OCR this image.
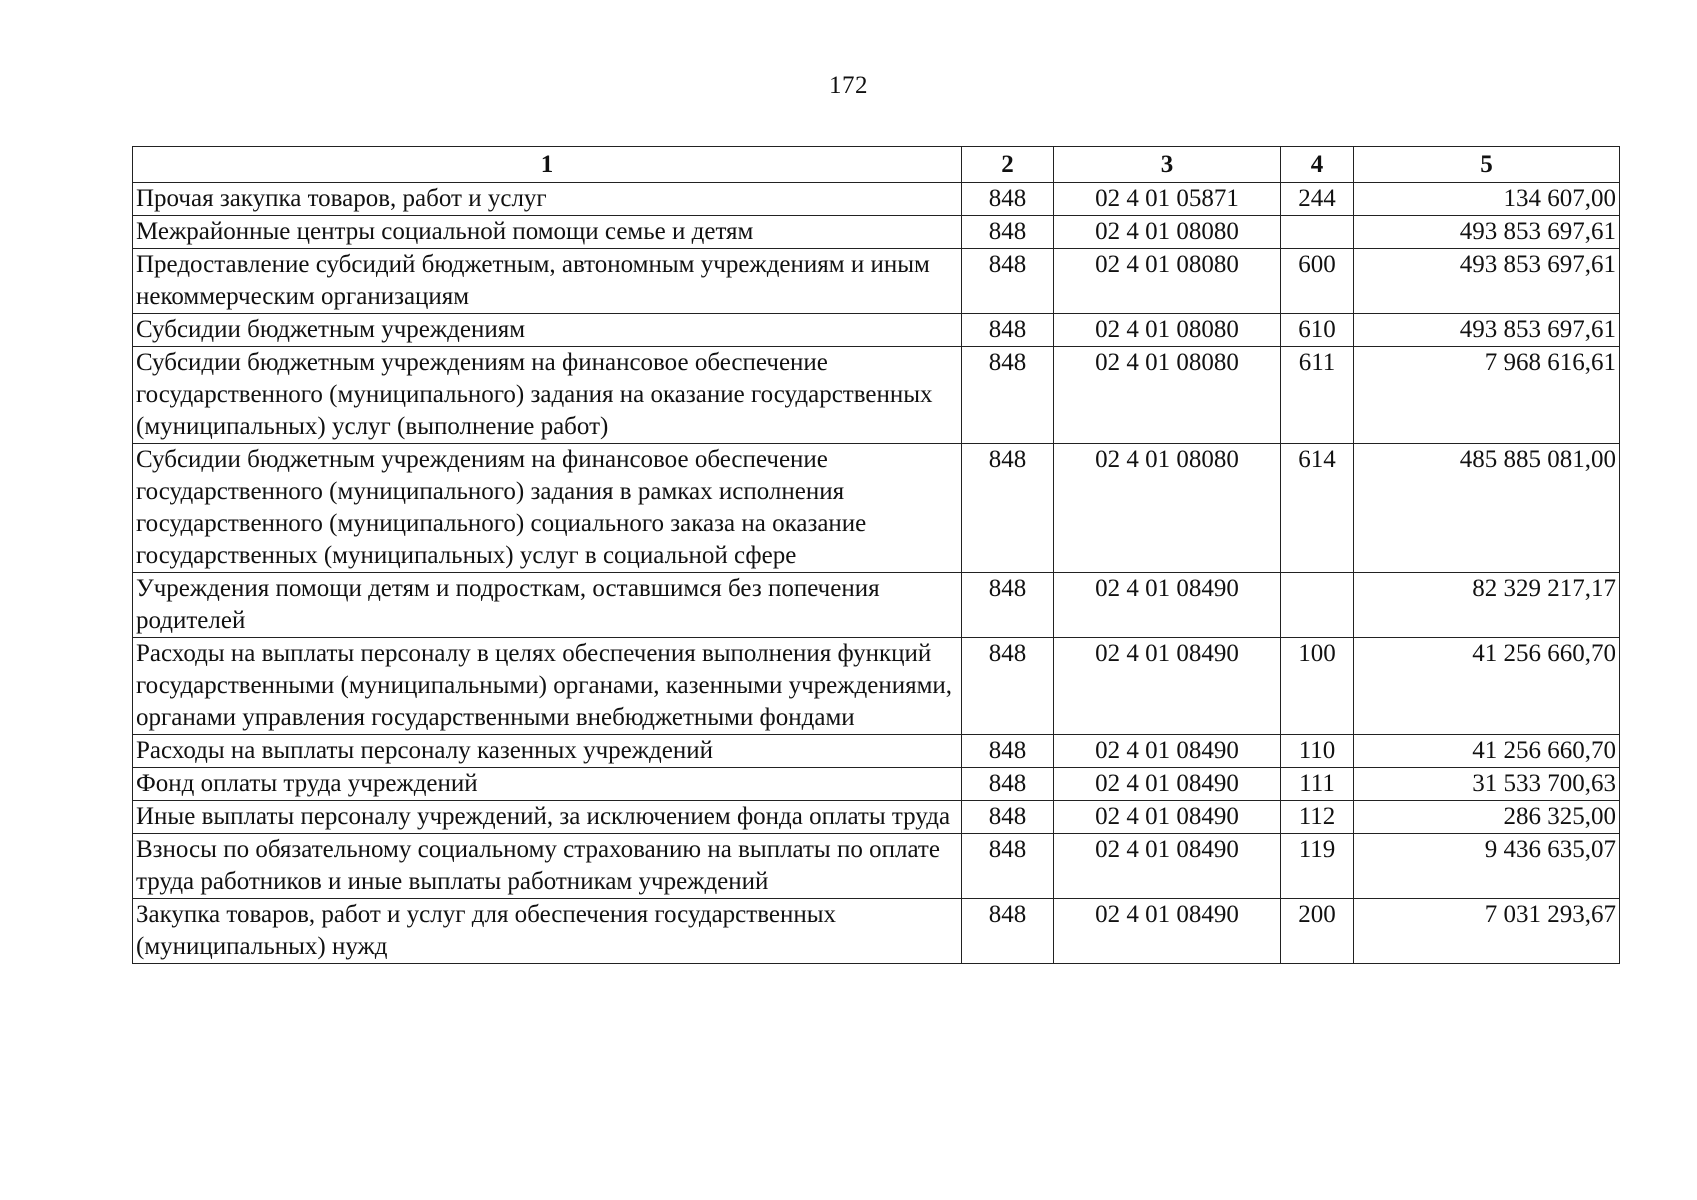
172
1	2	3	4	5
Прочая закупка товаров, работ и услуг	848	02 4 01 05871	244	134 607,00
Межрайонные центры социальной помощи семье и детям	848	02 4 01 08080		493 853 697,61
Предоставление субсидий бюджетным, автономным учреждениям и иным некоммерческим организациям	848	02 4 01 08080	600	493 853 697,61
Субсидии бюджетным учреждениям	848	02 4 01 08080	610	493 853 697,61
Субсидии бюджетным учреждениям на финансовое обеспечение государственного (муниципального) задания на оказание государственных (муниципальных) услуг (выполнение работ)	848	02 4 01 08080	611	7 968 616,61
Субсидии бюджетным учреждениям на финансовое обеспечение государственного (муниципального) задания в рамках исполнения государственного (муниципального) социального заказа на оказание государственных (муниципальных) услуг в социальной сфере	848	02 4 01 08080	614	485 885 081,00
Учреждения помощи детям и подросткам, оставшимся без попечения родителей	848	02 4 01 08490		82 329 217,17
Расходы на выплаты персоналу в целях обеспечения выполнения функций государственными (муниципальными) органами, казенными учреждениями, органами управления государственными внебюджетными фондами	848	02 4 01 08490	100	41 256 660,70
Расходы на выплаты персоналу казенных учреждений	848	02 4 01 08490	110	41 256 660,70
Фонд оплаты труда учреждений	848	02 4 01 08490	111	31 533 700,63
Иные выплаты персоналу учреждений, за исключением фонда оплаты труда	848	02 4 01 08490	112	286 325,00
Взносы по обязательному социальному страхованию на выплаты по оплате труда работников и иные выплаты работникам учреждений	848	02 4 01 08490	119	9 436 635,07
Закупка товаров, работ и услуг для обеспечения государственных (муниципальных) нужд	848	02 4 01 08490	200	7 031 293,67
